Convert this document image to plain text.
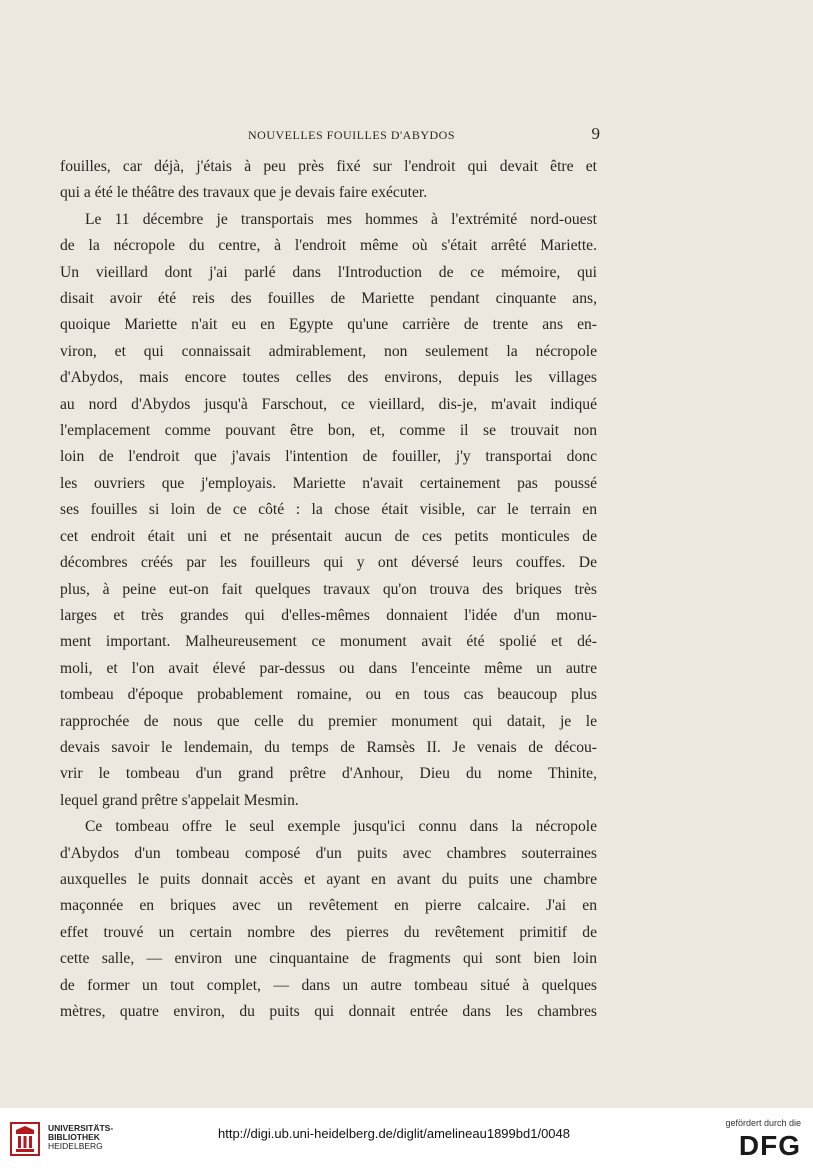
NOUVELLES FOUILLES D'ABYDOS	9
fouilles, car déjà, j'étais à peu près fixé sur l'endroit qui devait être et
qui a été le théâtre des travaux que je devais faire exécuter.
Le 11 décembre je transportais mes hommes à l'extrémité nord-ouest
de la nécropole du centre, à l'endroit même où s'était arrêté Mariette.
Un vieillard dont j'ai parlé dans l'Introduction de ce mémoire, qui
disait avoir été reis des fouilles de Mariette pendant cinquante ans,
quoique Mariette n'ait eu en Egypte qu'une carrière de trente ans en-
viron, et qui connaissait admirablement, non seulement la nécropole
d'Abydos, mais encore toutes celles des environs, depuis les villages
au nord d'Abydos jusqu'à Farschout, ce vieillard, dis-je, m'avait indiqué
l'emplacement comme pouvant être bon, et, comme il se trouvait non
loin de l'endroit que j'avais l'intention de fouiller, j'y transportai donc
les ouvriers que j'employais. Mariette n'avait certainement pas poussé
ses fouilles si loin de ce côté : la chose était visible, car le terrain en
cet endroit était uni et ne présentait aucun de ces petits monticules de
décombres créés par les fouilleurs qui y ont déversé leurs couffes. De
plus, à peine eut-on fait quelques travaux qu'on trouva des briques très
larges et très grandes qui d'elles-mêmes donnaient l'idée d'un monu-
ment important. Malheureusement ce monument avait été spolié et dé-
moli, et l'on avait élevé par-dessus ou dans l'enceinte même un autre
tombeau d'époque probablement romaine, ou en tous cas beaucoup plus
rapprochée de nous que celle du premier monument qui datait, je le
devais savoir le lendemain, du temps de Ramsès II. Je venais de décou-
vrir le tombeau d'un grand prêtre d'Anhour, Dieu du nome Thinite,
lequel grand prêtre s'appelait Mesmin.
Ce tombeau offre le seul exemple jusqu'ici connu dans la nécropole
d'Abydos d'un tombeau composé d'un puits avec chambres souterraines
auxquelles le puits donnait accès et ayant en avant du puits une chambre
maçonnée en briques avec un revêtement en pierre calcaire. J'ai en
effet trouvé un certain nombre des pierres du revêtement primitif de
cette salle, — environ une cinquantaine de fragments qui sont bien loin
de former un tout complet, — dans un autre tombeau situé à quelques
mètres, quatre environ, du puits qui donnait entrée dans les chambres
UNIVERSITÄTS-
BIBLIOTHEK
HEIDELBERG
http://digi.ub.uni-heidelberg.de/diglit/amelineau1899bd1/0048
gefördert durch die
DFG
